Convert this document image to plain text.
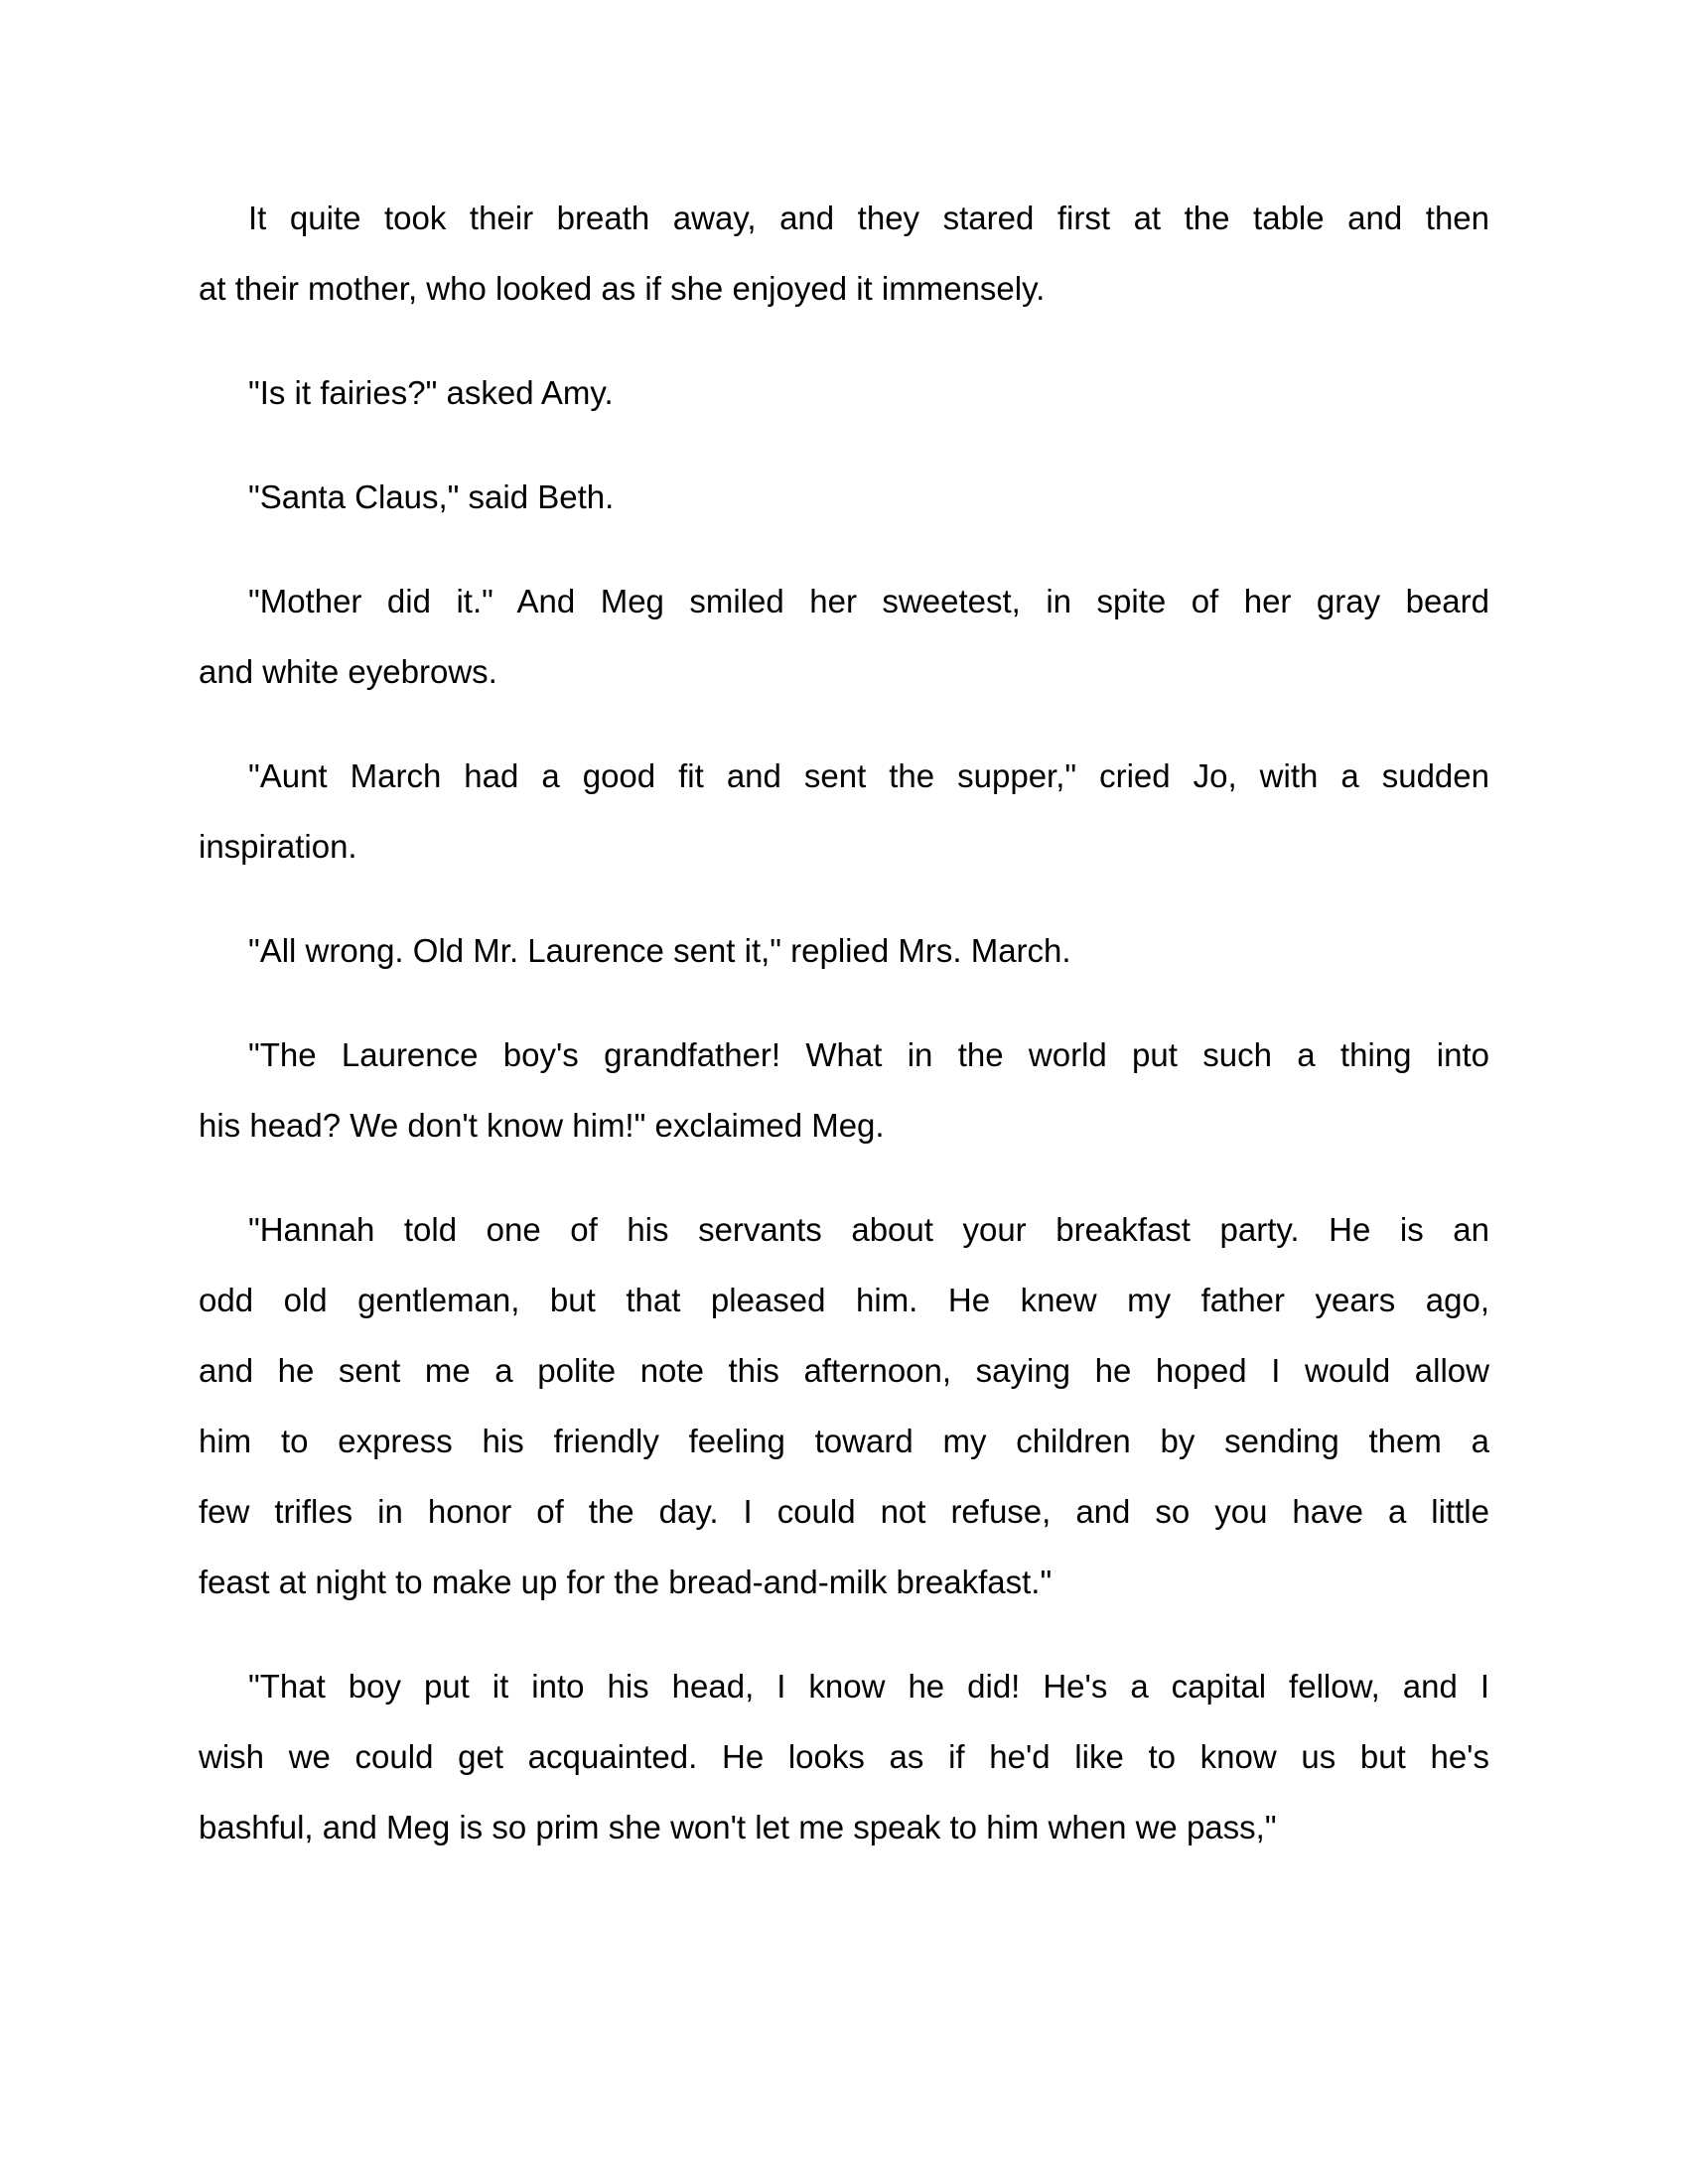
It quite took their breath away, and they stared first at the table and then
at their mother, who looked as if she enjoyed it immensely.
"Is it fairies?" asked Amy.
"Santa Claus," said Beth.
"Mother did it." And Meg smiled her sweetest, in spite of her gray beard
and white eyebrows.
"Aunt March had a good fit and sent the supper," cried Jo, with a sudden
inspiration.
"All wrong. Old Mr. Laurence sent it," replied Mrs. March.
"The Laurence boy's grandfather! What in the world put such a thing into
his head? We don't know him!" exclaimed Meg.
"Hannah told one of his servants about your breakfast party. He is an
odd old gentleman, but that pleased him. He knew my father years ago,
and he sent me a polite note this afternoon, saying he hoped I would allow
him to express his friendly feeling toward my children by sending them a
few trifles in honor of the day. I could not refuse, and so you have a little
feast at night to make up for the bread-and-milk breakfast."
"That boy put it into his head, I know he did! He's a capital fellow, and I
wish we could get acquainted. He looks as if he'd like to know us but he's
bashful, and Meg is so prim she won't let me speak to him when we pass,"
